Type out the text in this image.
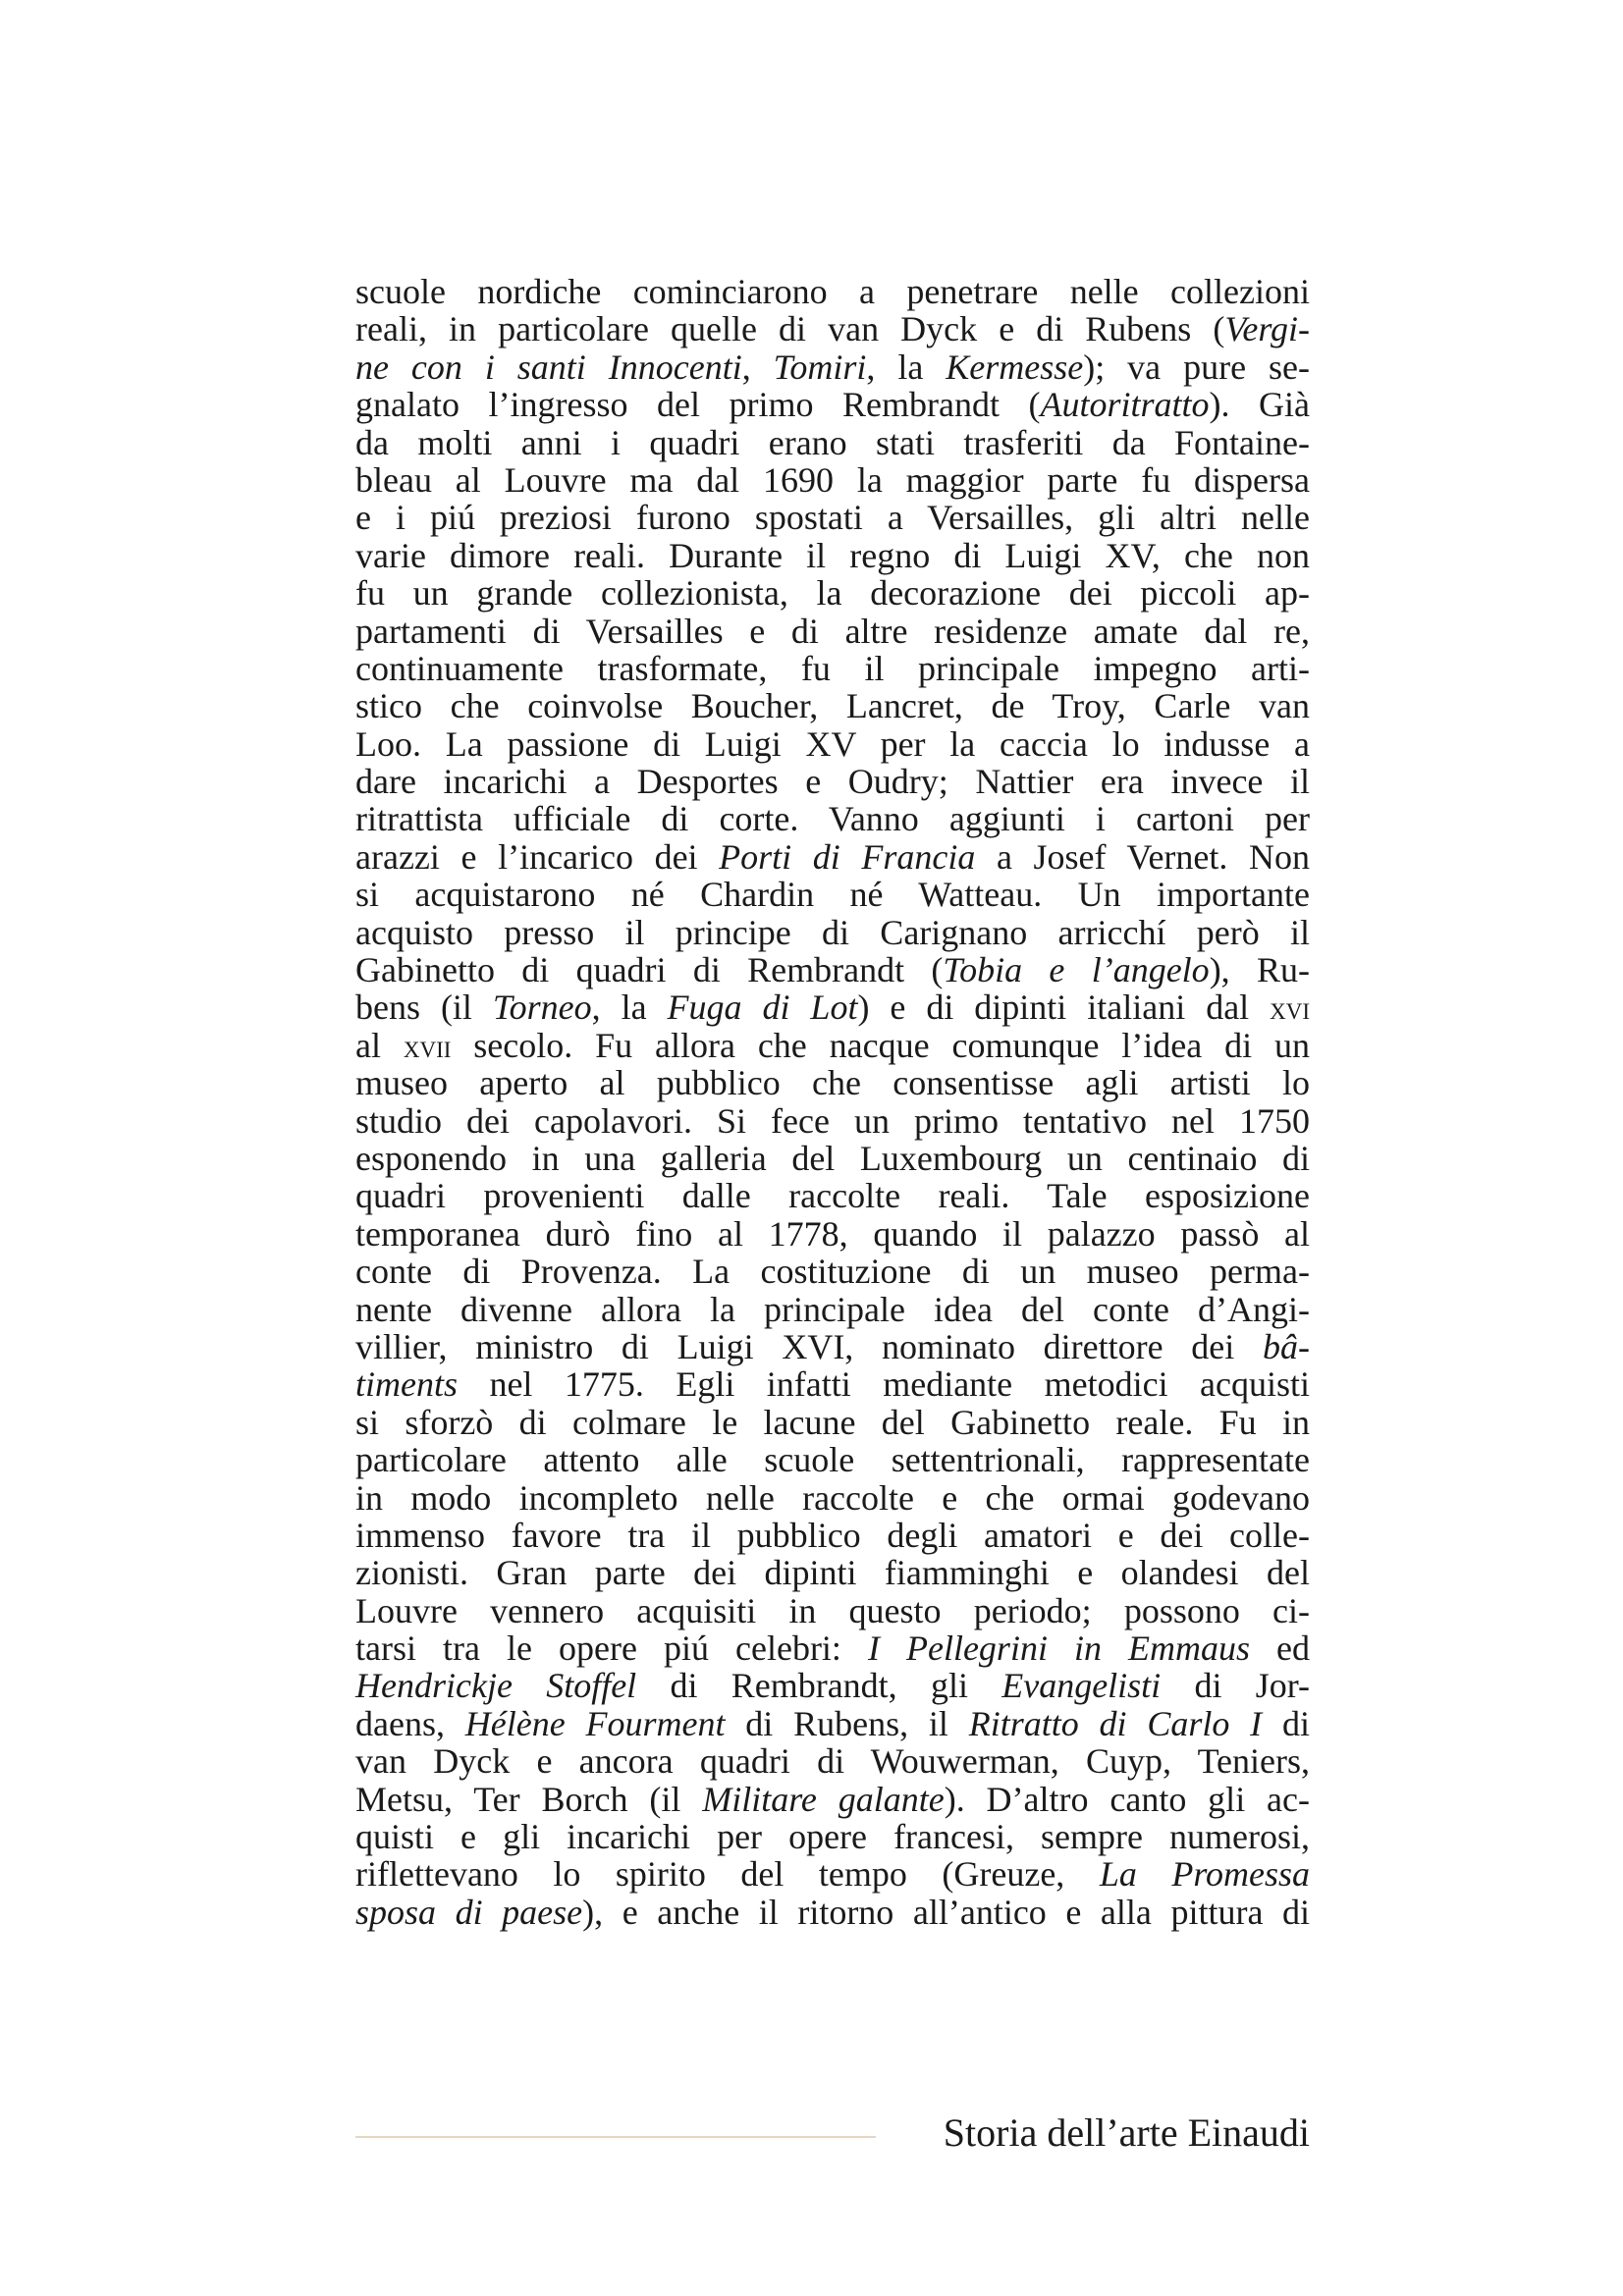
scuole nordiche cominciarono a penetrare nelle collezioni
reali, in particolare quelle di van Dyck e di Rubens (Vergi-
ne con i santi Innocenti, Tomiri, la Kermesse); va pure se-
gnalato l’ingresso del primo Rembrandt (Autoritratto). Già
da molti anni i quadri erano stati trasferiti da Fontaine-
bleau al Louvre ma dal 1690 la maggior parte fu dispersa
e i piú preziosi furono spostati a Versailles, gli altri nelle
varie dimore reali. Durante il regno di Luigi XV, che non
fu un grande collezionista, la decorazione dei piccoli ap-
partamenti di Versailles e di altre residenze amate dal re,
continuamente trasformate, fu il principale impegno arti-
stico che coinvolse Boucher, Lancret, de Troy, Carle van
Loo. La passione di Luigi XV per la caccia lo indusse a
dare incarichi a Desportes e Oudry; Nattier era invece il
ritrattista ufficiale di corte. Vanno aggiunti i cartoni per
arazzi e l’incarico dei Porti di Francia a Josef Vernet. Non
si acquistarono né Chardin né Watteau. Un importante
acquisto presso il principe di Carignano arricchí però il
Gabinetto di quadri di Rembrandt (Tobia e l’angelo), Ru-
bens (il Torneo, la Fuga di Lot) e di dipinti italiani dal xvi
al xvii secolo. Fu allora che nacque comunque l’idea di un
museo aperto al pubblico che consentisse agli artisti lo
studio dei capolavori. Si fece un primo tentativo nel 1750
esponendo in una galleria del Luxembourg un centinaio di
quadri provenienti dalle raccolte reali. Tale esposizione
temporanea durò fino al 1778, quando il palazzo passò al
conte di Provenza. La costituzione di un museo perma-
nente divenne allora la principale idea del conte d’Angi-
villier, ministro di Luigi XVI, nominato direttore dei bâ-
timents nel 1775. Egli infatti mediante metodici acquisti
si sforzò di colmare le lacune del Gabinetto reale. Fu in
particolare attento alle scuole settentrionali, rappresentate
in modo incompleto nelle raccolte e che ormai godevano
immenso favore tra il pubblico degli amatori e dei colle-
zionisti. Gran parte dei dipinti fiamminghi e olandesi del
Louvre vennero acquisiti in questo periodo; possono ci-
tarsi tra le opere piú celebri: I Pellegrini in Emmaus ed
Hendrickje Stoffel di Rembrandt, gli Evangelisti di Jor-
daens, Hélène Fourment di Rubens, il Ritratto di Carlo I di
van Dyck e ancora quadri di Wouwerman, Cuyp, Teniers,
Metsu, Ter Borch (il Militare galante). D’altro canto gli ac-
quisti e gli incarichi per opere francesi, sempre numerosi,
riflettevano lo spirito del tempo (Greuze, La Promessa
sposa di paese), e anche il ritorno all’antico e alla pittura di
Storia dell’arte Einaudi
